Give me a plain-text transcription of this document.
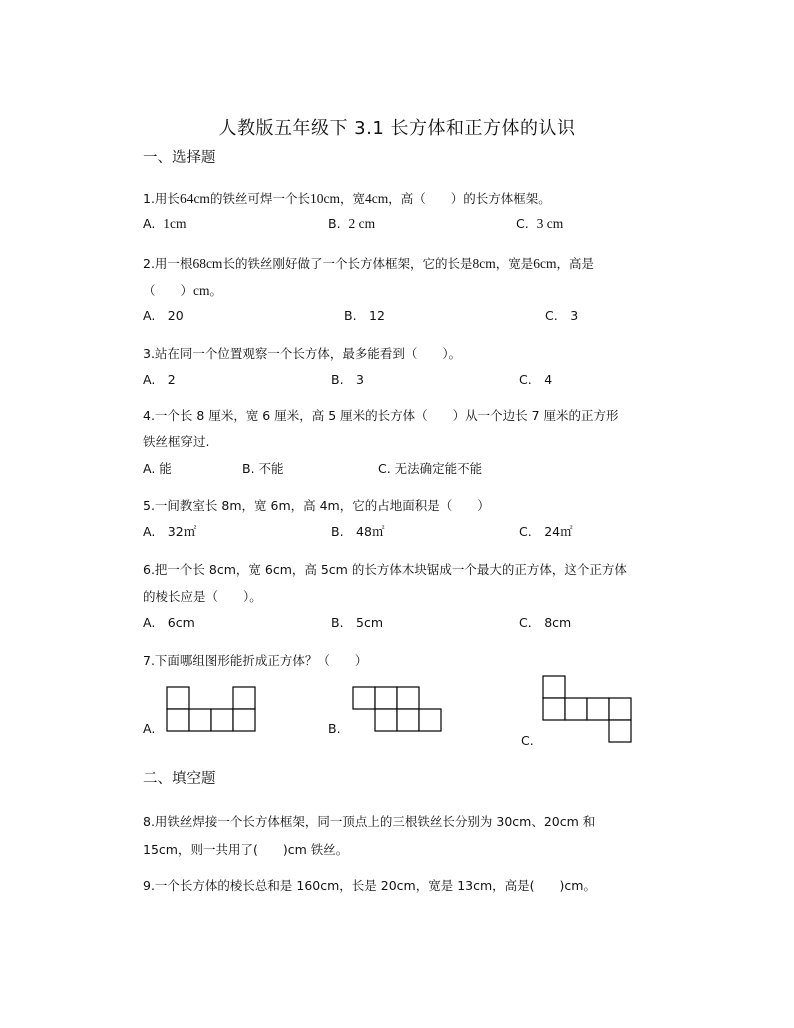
人教版五年级下 3.1 长方体和正方体的认识
一、选择题
1.用长64cm的铁丝可焊一个长10cm，宽4cm，高（　　）的长方体框架。
A. 1cm	B. 2 cm	C. 3 cm
2.用一根68cm长的铁丝刚好做了一个长方体框架，它的长是8cm，宽是6cm，高是
（　　）cm。
A.　20	B.　12	C.　3
3.站在同一个位置观察一个长方体，最多能看到（　　）。
A.　2	B.　3	C.　4
4.一个长 8 厘米，宽 6 厘米，高 5 厘米的长方体（　　）从一个边长 7 厘米的正方形
铁丝框穿过.
A. 能	B. 不能	C. 无法确定能不能
5.一间教室长 8m，宽 6m，高 4m，它的占地面积是（　　）
A.　32㎡	B.　48㎡	C.　24㎡
6.把一个长 8cm，宽 6cm，高 5cm 的长方体木块锯成一个最大的正方体，这个正方体
的棱长应是（　　）。
A.　6cm	B.　5cm	C.　8cm
7.下面哪组图形能折成正方体？（　　）
A.	B.
C.
二、填空题
8.用铁丝焊接一个长方体框架，同一顶点上的三根铁丝长分别为 30cm、20cm 和
15cm，则一共用了(　　)cm 铁丝。
9.一个长方体的棱长总和是 160cm，长是 20cm，宽是 13cm，高是(　　)cm。
